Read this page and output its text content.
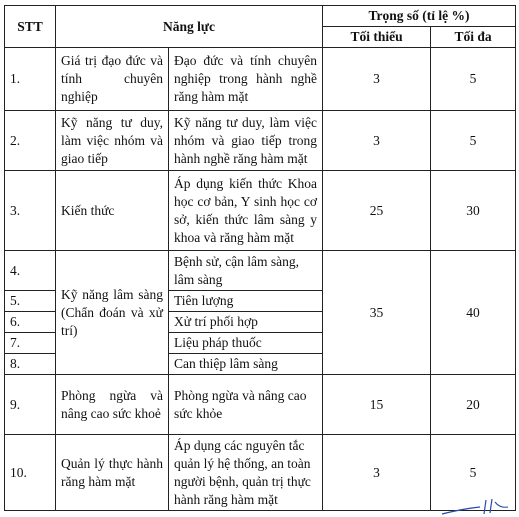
STT	Năng lực		Trọng số (tỉ lệ %)	
			Tối thiểu	Tối đa
1.	Giá trị đạo đức và tính chuyên nghiệp	Đạo đức và tính chuyên nghiệp trong hành nghề răng hàm mặt	3	5
2.	Kỹ năng tư duy, làm việc nhóm và giao tiếp	Kỹ năng tư duy, làm việc nhóm và giao tiếp trong hành nghề răng hàm mặt	3	5
3.	Kiến thức	Áp dụng kiến thức Khoa học cơ bản, Y sinh học cơ sở, kiến thức lâm sàng y khoa và răng hàm mặt	25	30
4.	Kỹ năng lâm sàng (Chẩn đoán và xử trí)	Bệnh sử, cận lâm sàng, lâm sàng	35	40
5.		Tiên lượng		
6.		Xử trí phối hợp		
7.		Liệu pháp thuốc		
8.		Can thiệp lâm sàng		
9.	Phòng ngừa và nâng cao sức khoẻ	Phòng ngừa và nâng cao sức khỏe	15	20
10.	Quản lý thực hành răng hàm mặt	Áp dụng các nguyên tắc quản lý hệ thống, an toàn người bệnh, quản trị thực hành răng hàm mặt	3	5
